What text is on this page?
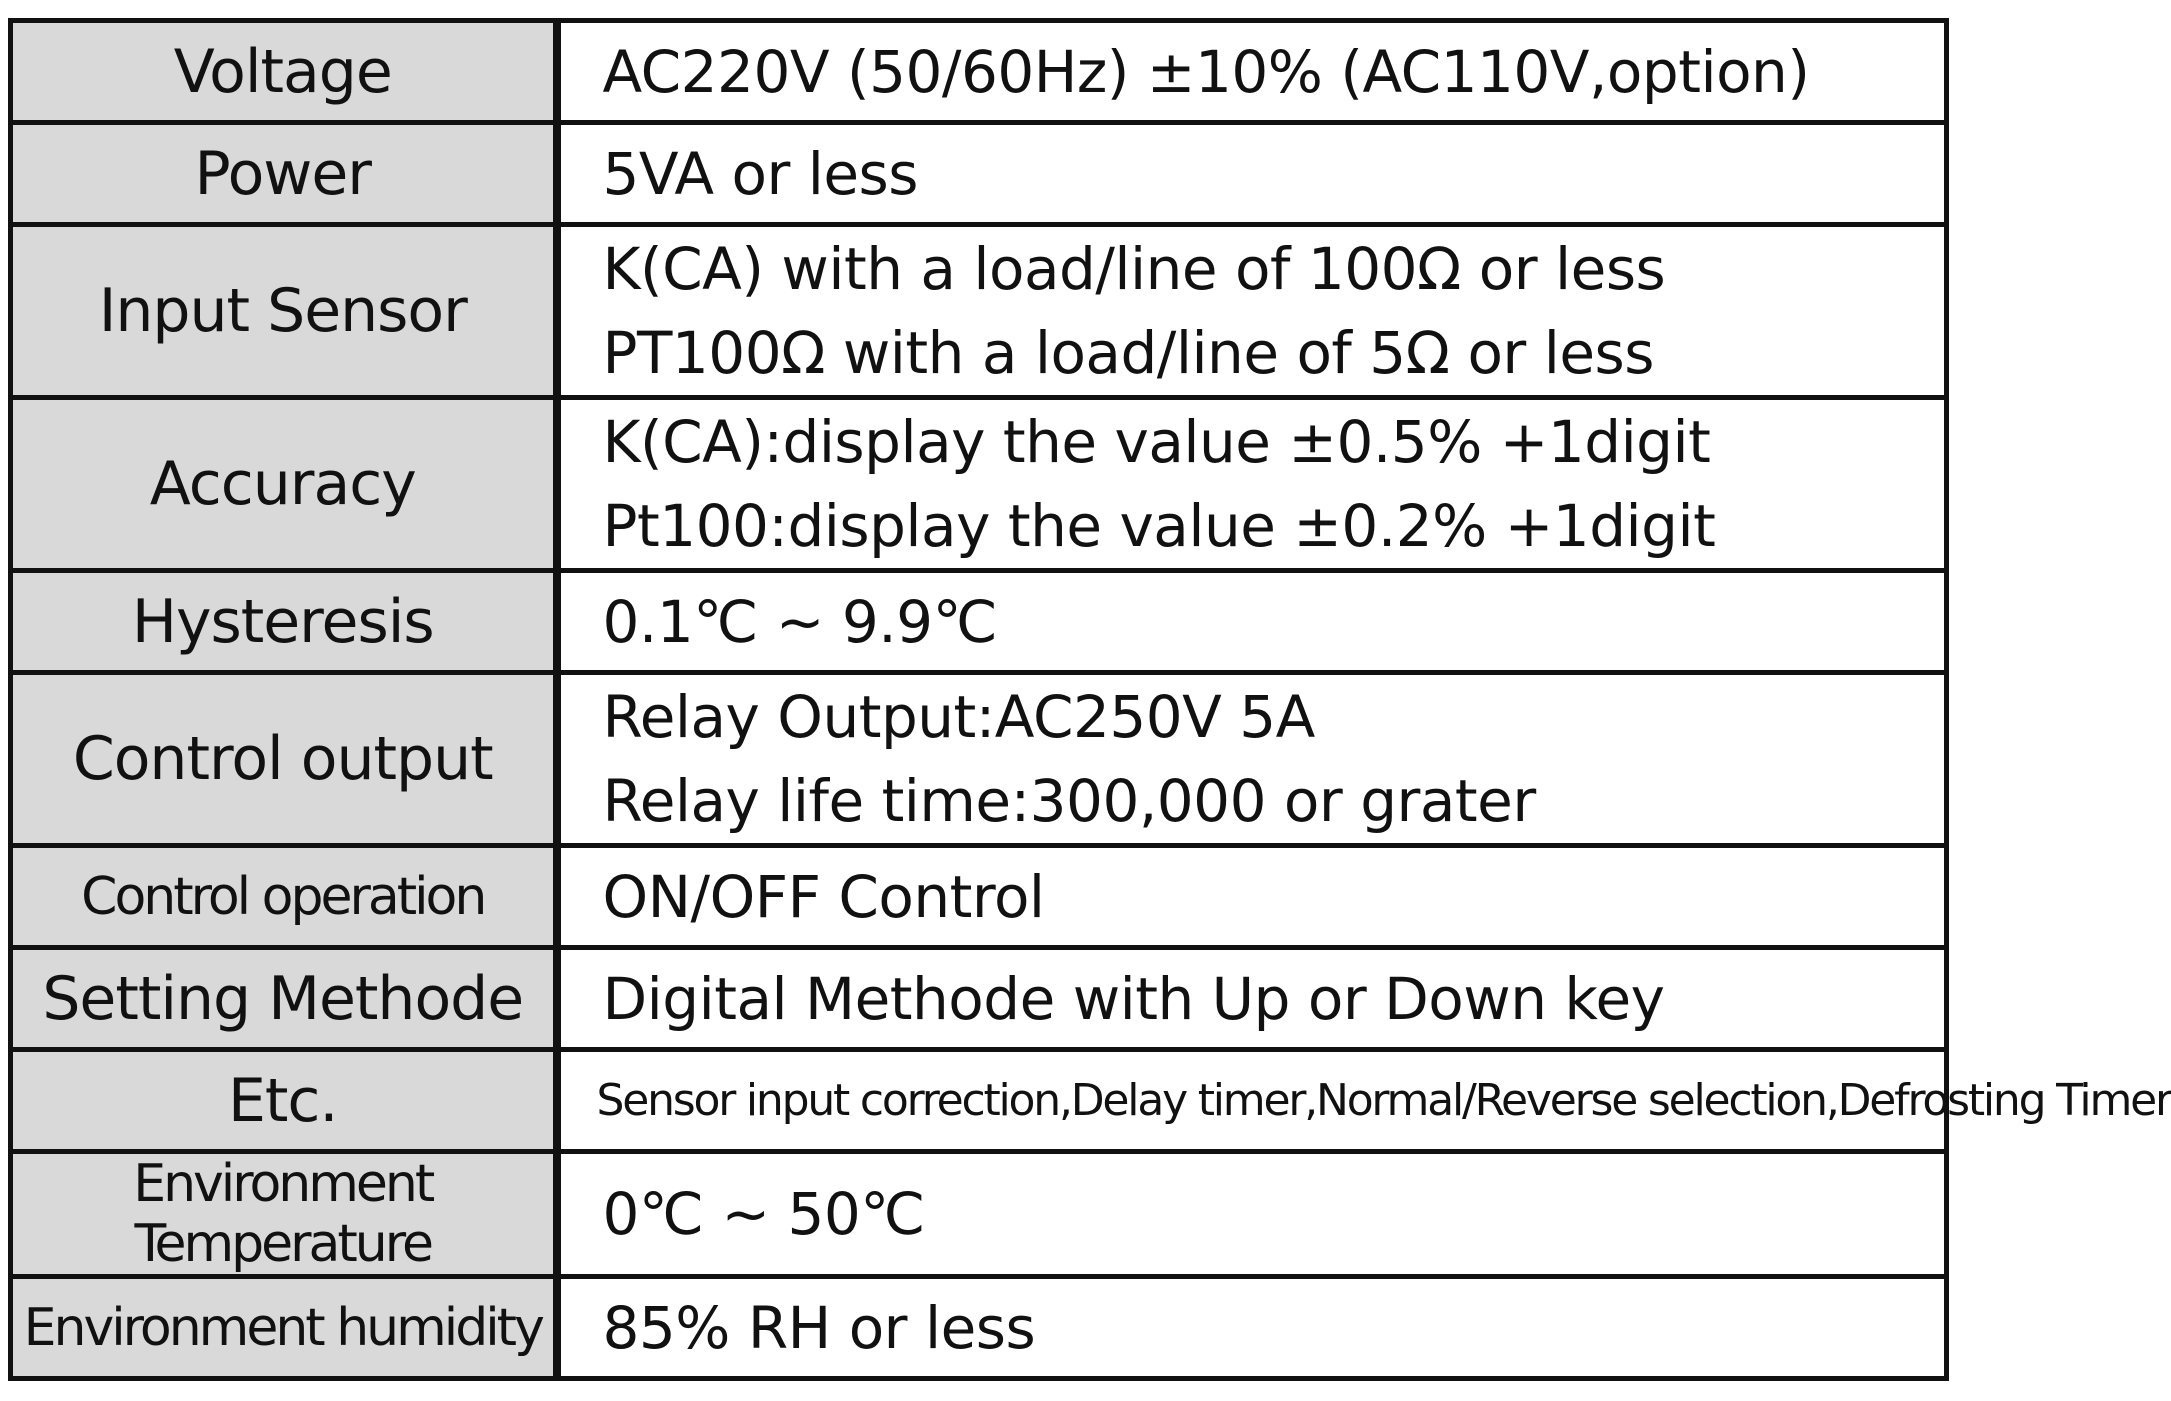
Voltage	AC220V (50/60Hz) ±10% (AC110V,option)

Power	5VA or less

Input Sensor	K(CA) with a load/line of 100Ω or less
PT100Ω with a load/line of 5Ω or less

Accuracy	K(CA):display the value ±0.5% +1digit
Pt100:display the value ±0.2% +1digit

Hysteresis	0.1℃ ~ 9.9℃

Control output	Relay Output:AC250V 5A
Relay life time:300,000 or grater

Control operation	ON/OFF Control

Setting Methode	Digital Methode with Up or Down key

Etc.	Sensor input correction,Delay timer,Normal/Reverse selection,Defrosting Timer

Environment Temperature	0℃ ~ 50℃

Environment humidity	85% RH or less
